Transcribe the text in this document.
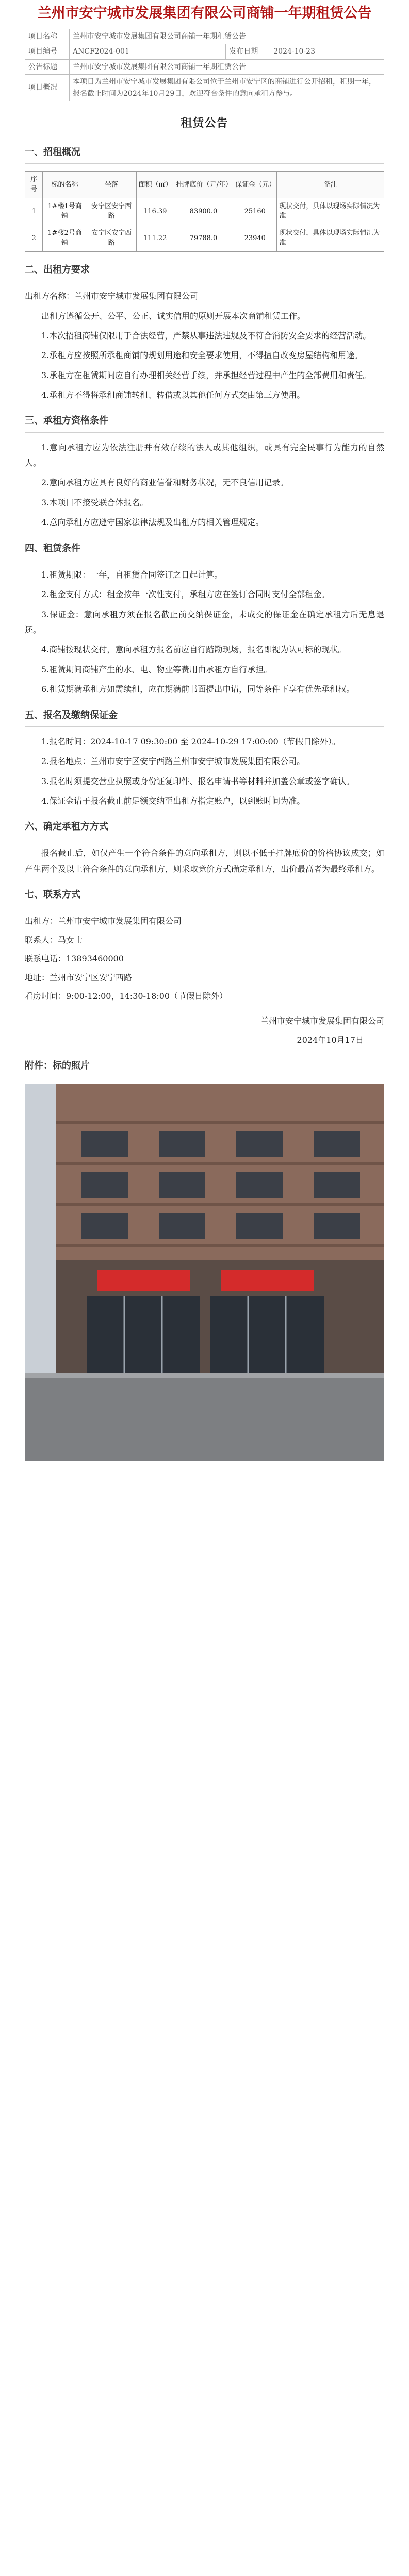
兰州市安宁城市发展集团有限公司商铺一年期租赁公告
项目名称	兰州市安宁城市发展集团有限公司商铺一年期租赁公告		
项目编号	ANCF2024-001	发布日期	2024-10-23
公告标题	兰州市安宁城市发展集团有限公司商铺一年期租赁公告		
项目概况	本项目为兰州市安宁城市发展集团有限公司位于兰州市安宁区的商铺进行公开招租，租期一年，报名截止时间为2024年10月29日，欢迎符合条件的意向承租方参与。		
租赁公告
一、招租概况
序号	标的名称	坐落	面积（㎡）	挂牌底价（元/年）	保证金（元）	备注
1	1#楼1号商铺	安宁区安宁西路	116.39	83900.0	25160	现状交付，具体以现场实际情况为准
2	1#楼2号商铺	安宁区安宁西路	111.22	79788.0	23940	现状交付，具体以现场实际情况为准
二、出租方要求

出租方名称：兰州市安宁城市发展集团有限公司

出租方遵循公开、公平、公正、诚实信用的原则开展本次商铺租赁工作。

1.本次招租商铺仅限用于合法经营，严禁从事违法违规及不符合消防安全要求的经营活动。

2.承租方应按照所承租商铺的规划用途和安全要求使用，不得擅自改变房屋结构和用途。

3.承租方在租赁期间应自行办理相关经营手续，并承担经营过程中产生的全部费用和责任。

4.承租方不得将承租商铺转租、转借或以其他任何方式交由第三方使用。

三、承租方资格条件

1.意向承租方应为依法注册并有效存续的法人或其他组织，或具有完全民事行为能力的自然人。

2.意向承租方应具有良好的商业信誉和财务状况，无不良信用记录。

3.本项目不接受联合体报名。

4.意向承租方应遵守国家法律法规及出租方的相关管理规定。

四、租赁条件

1.租赁期限：一年，自租赁合同签订之日起计算。

2.租金支付方式：租金按年一次性支付，承租方应在签订合同时支付全部租金。

3.保证金：意向承租方须在报名截止前交纳保证金，未成交的保证金在确定承租方后无息退还。

4.商铺按现状交付，意向承租方报名前应自行踏勘现场，报名即视为认可标的现状。

5.租赁期间商铺产生的水、电、物业等费用由承租方自行承担。

6.租赁期满承租方如需续租，应在期满前书面提出申请，同等条件下享有优先承租权。

五、报名及缴纳保证金

1.报名时间：2024-10-17 09:30:00 至 2024-10-29 17:00:00（节假日除外）。

2.报名地点：兰州市安宁区安宁西路兰州市安宁城市发展集团有限公司。

3.报名时须提交营业执照或身份证复印件、报名申请书等材料并加盖公章或签字确认。

4.保证金请于报名截止前足额交纳至出租方指定账户，以到账时间为准。

六、确定承租方方式

报名截止后，如仅产生一个符合条件的意向承租方，则以不低于挂牌底价的价格协议成交；如产生两个及以上符合条件的意向承租方，则采取竞价方式确定承租方，出价最高者为最终承租方。

七、联系方式

出租方：兰州市安宁城市发展集团有限公司

联系人：马女士

联系电话：13893460000

地址：兰州市安宁区安宁西路

看房时间：9:00-12:00，14:30-18:00（节假日除外）

兰州市安宁城市发展集团有限公司

2024年10月17日

附件：标的照片
